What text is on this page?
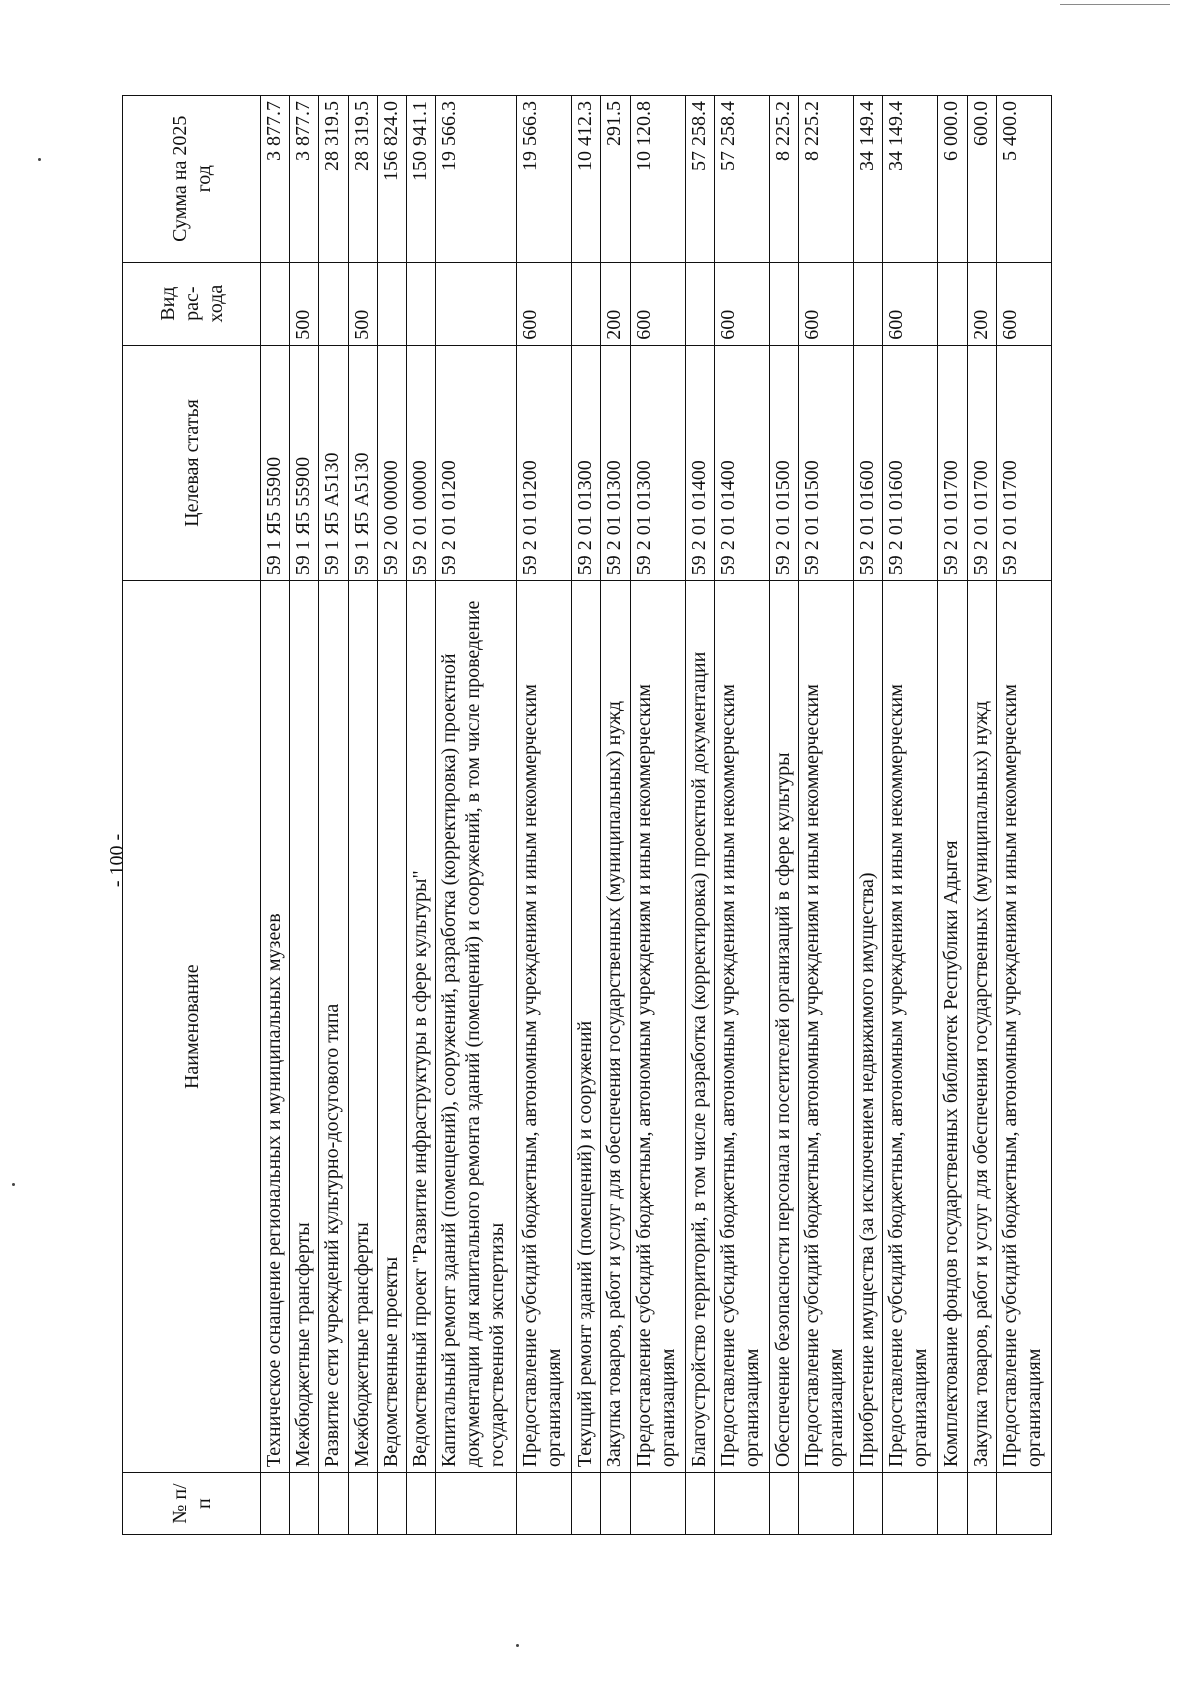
- 100 -
№ п/п	Наименование	Целевая статья	Вид рас- хода	Сумма на 2025 год
	Техническое оснащение региональных и муниципальных музеев	59 1 Я5 55900		3 877.7
	Межбюджетные трансферты	59 1 Я5 55900	500	3 877.7
	Развитие сети учреждений культурно-досугового типа	59 1 Я5 А5130		28 319.5
	Межбюджетные трансферты	59 1 Я5 А5130	500	28 319.5
	Ведомственные проекты	59 2 00 00000		156 824.0
	Ведомственный проект "Развитие инфраструктуры в сфере культуры"	59 2 01 00000		150 941.1
	Капитальный ремонт зданий (помещений), сооружений, разработка (корректировка) проектной документации для капитального ремонта зданий (помещений) и сооружений, в том числе проведение государственной экспертизы	59 2 01 01200		19 566.3
	Предоставление субсидий бюджетным, автономным учреждениям и иным некоммерческим организациям	59 2 01 01200	600	19 566.3
	Текущий ремонт зданий (помещений) и сооружений	59 2 01 01300		10 412.3
	Закупка товаров, работ и услуг для обеспечения государственных (муниципальных) нужд	59 2 01 01300	200	291.5
	Предоставление субсидий бюджетным, автономным учреждениям и иным некоммерческим организациям	59 2 01 01300	600	10 120.8
	Благоустройство территорий, в том числе разработка (корректировка) проектной документации	59 2 01 01400		57 258.4
	Предоставление субсидий бюджетным, автономным учреждениям и иным некоммерческим организациям	59 2 01 01400	600	57 258.4
	Обеспечение безопасности персонала и посетителей организаций в сфере культуры	59 2 01 01500		8 225.2
	Предоставление субсидий бюджетным, автономным учреждениям и иным некоммерческим организациям	59 2 01 01500	600	8 225.2
	Приобретение имущества (за исключением недвижимого имущества)	59 2 01 01600		34 149.4
	Предоставление субсидий бюджетным, автономным учреждениям и иным некоммерческим организациям	59 2 01 01600	600	34 149.4
	Комплектование фондов государственных библиотек Республики Адыгея	59 2 01 01700		6 000.0
	Закупка товаров, работ и услуг для обеспечения государственных (муниципальных) нужд	59 2 01 01700	200	600.0
	Предоставление субсидий бюджетным, автономным учреждениям и иным некоммерческим организациям	59 2 01 01700	600	5 400.0
